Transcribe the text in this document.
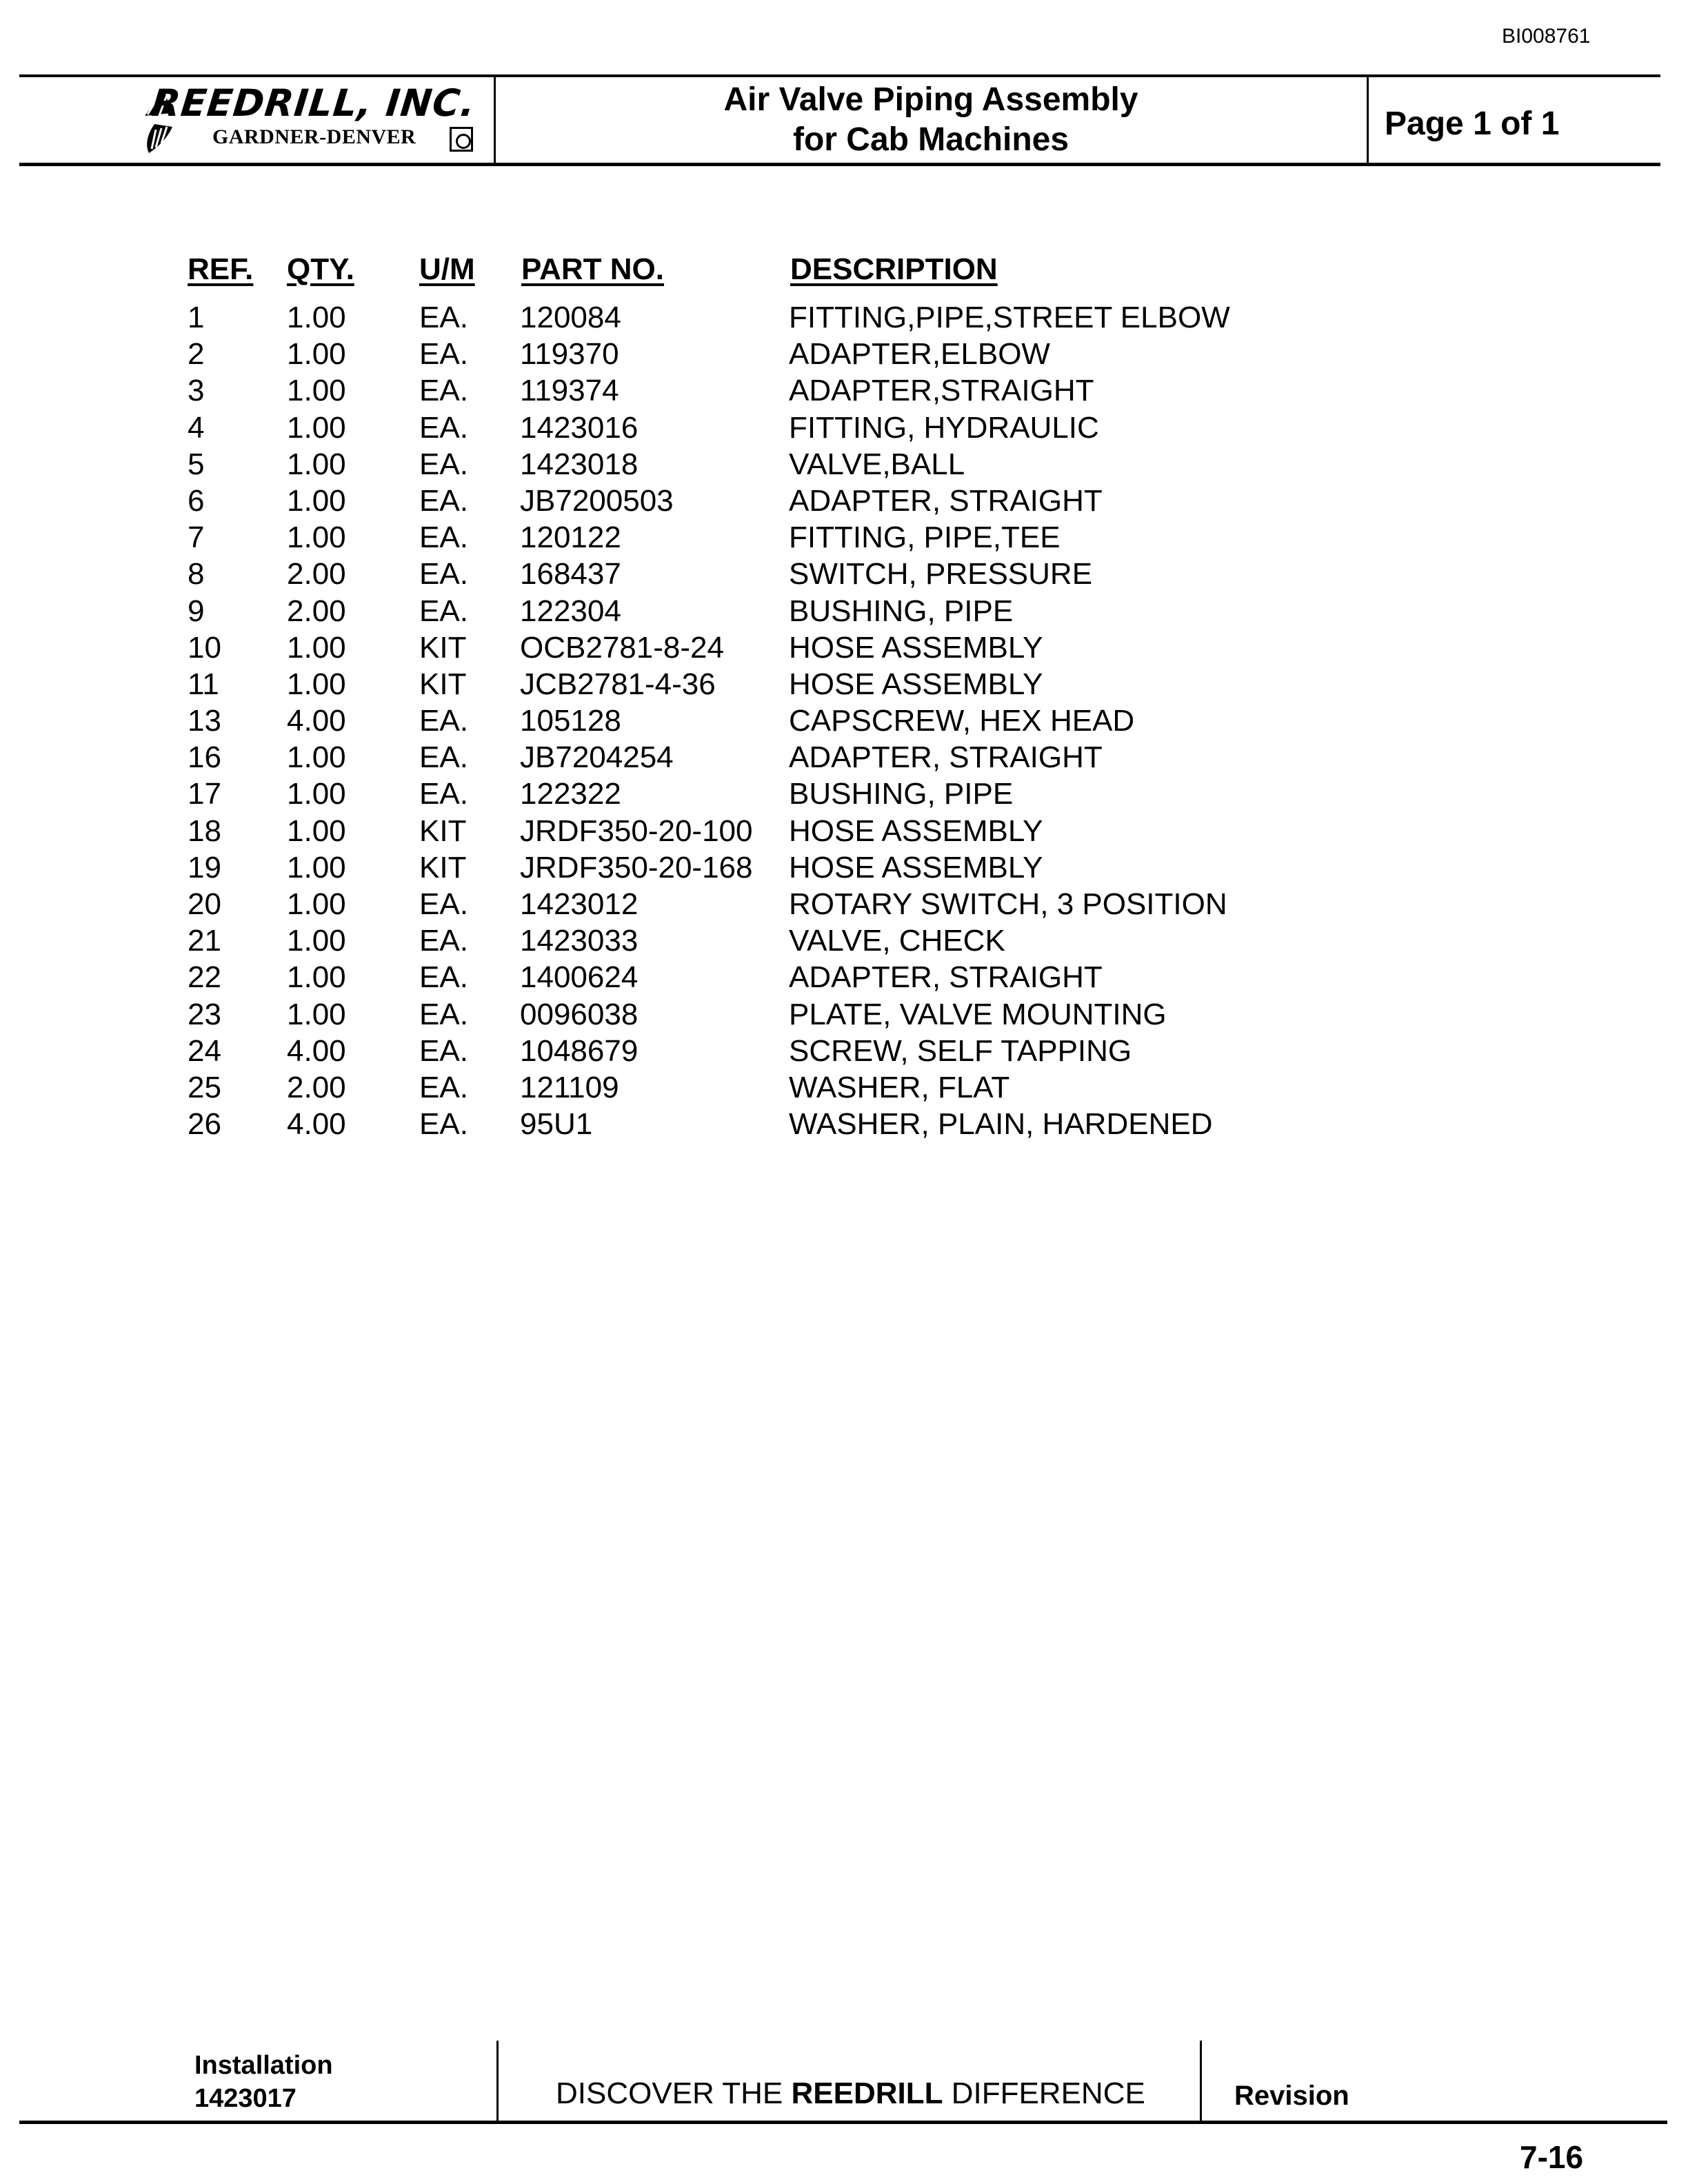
BI008761
REEDRILL, INC.
GARDNER-DENVER
Air Valve Piping Assembly
for Cab Machines	Page 1 of 1
REF. QTY. U/M PART NO.	DESCRIPTION
1	1.00 EA. 120084	FITTING,PIPE,STREET ELBOW
2	1.00 EA. 119370	ADAPTER,ELBOW
3	1.00 EA. 119374	ADAPTER,STRAIGHT
4	1.00 EA. 1423016	FITTING, HYDRAULIC
5	1.00 EA. 1423018	VALVE,BALL
6	1.00 EA. JB7200503	ADAPTER, STRAIGHT
7	1.00 EA. 120122	FITTING, PIPE,TEE
8	2.00 EA. 168437	SWITCH, PRESSURE
9	2.00 EA. 122304	BUSHING, PIPE
10 1.00 KIT OCB2781-8-24 HOSE ASSEMBLY
11 1.00 KIT JCB2781-4-36 HOSE ASSEMBLY
13 4.00 EA. 105128	CAPSCREW, HEX HEAD
16 1.00 EA. JB7204254	ADAPTER, STRAIGHT
17 1.00 EA. 122322	BUSHING, PIPE
18 1.00 KIT JRDF350-20-100 HOSE ASSEMBLY
19 1.00 KIT JRDF350-20-168 HOSE ASSEMBLY
20 1.00 EA. 1423012	ROTARY SWITCH, 3 POSITION
21 1.00 EA. 1423033	VALVE, CHECK
22 1.00 EA. 1400624	ADAPTER, STRAIGHT
23 1.00 EA. 0096038	PLATE, VALVE MOUNTING
24 4.00 EA. 1048679	SCREW, SELF TAPPING
25 2.00 EA. 121109	WASHER, FLAT
26 4.00 EA. 95U1	WASHER, PLAIN, HARDENED
Installation
1423017	DISCOVER THE REEDRILL DIFFERENCE	Revision
7-16
